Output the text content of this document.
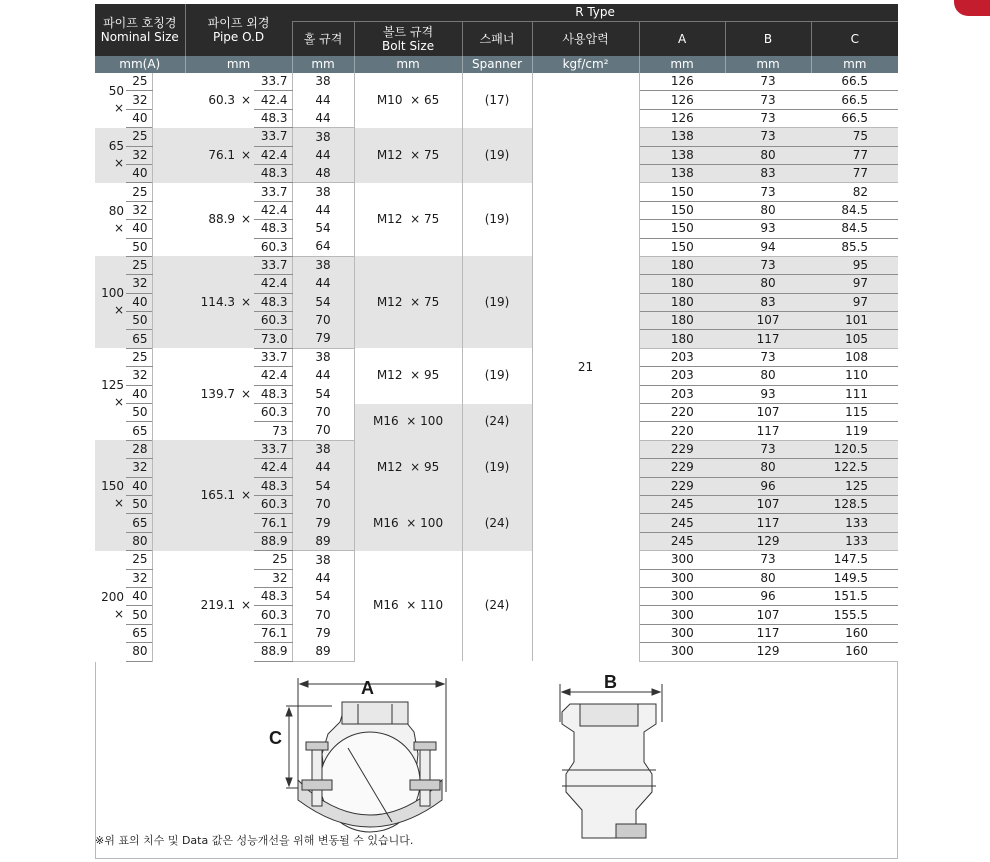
파이프 호칭경
Nominal Size			파이프 외경
Pipe O.D			R Type						
						홀 규격	볼트 규격
Bolt Size	스패너	사용압력	A	B	C
mm(A)			mm			mm	mm	Spanner	kgf/cm²	mm	mm	mm
50 ×	25		60.3	×	33.7	38	M10 × 65	(17)	21	126	73	66.5
	32				42.4	44				126	73	66.5
	40				48.3	44				126	73	66.5
65 ×	25		76.1	×	33.7	38	M12 × 75	(19)		138	73	75
	32				42.4	44				138	80	77
	40				48.3	48				138	83	77
80 ×	25		88.9	×	33.7	38	M12 × 75	(19)		150	73	82
	32				42.4	44				150	80	84.5
	40				48.3	54				150	93	84.5
	50				60.3	64				150	94	85.5
100 ×	25		114.3	×	33.7	38	M12 × 75	(19)		180	73	95
	32				42.4	44				180	80	97
	40				48.3	54				180	83	97
	50				60.3	70				180	107	101
	65				73.0	79				180	117	105
125 ×	25		139.7	×	33.7	38	M12 × 95	(19)		203	73	108
	32				42.4	44				203	80	110
	40				48.3	54				203	93	111
	50				60.3	70	M16 × 100	(24)		220	107	115
	65				73	70				220	117	119
150 ×	28		165.1	×	33.7	38	M12 × 95	(19)		229	73	120.5
	32				42.4	44				229	80	122.5
	40				48.3	54				229	96	125
	50				60.3	70	M16 × 100	(24)		245	107	128.5
	65				76.1	79				245	117	133
	80				88.9	89				245	129	133
200 ×	25		219.1	×	25	38	M16 × 110	(24)		300	73	147.5
	32				32	44				300	80	149.5
	40				48.3	54				300	96	151.5
	50				60.3	70				300	107	155.5
	65				76.1	79				300	117	160
	80				88.9	89				300	129	160
A
C
B
※위 표의 치수 및 Data 값은 성능개선을 위해 변동될 수 있습니다.
